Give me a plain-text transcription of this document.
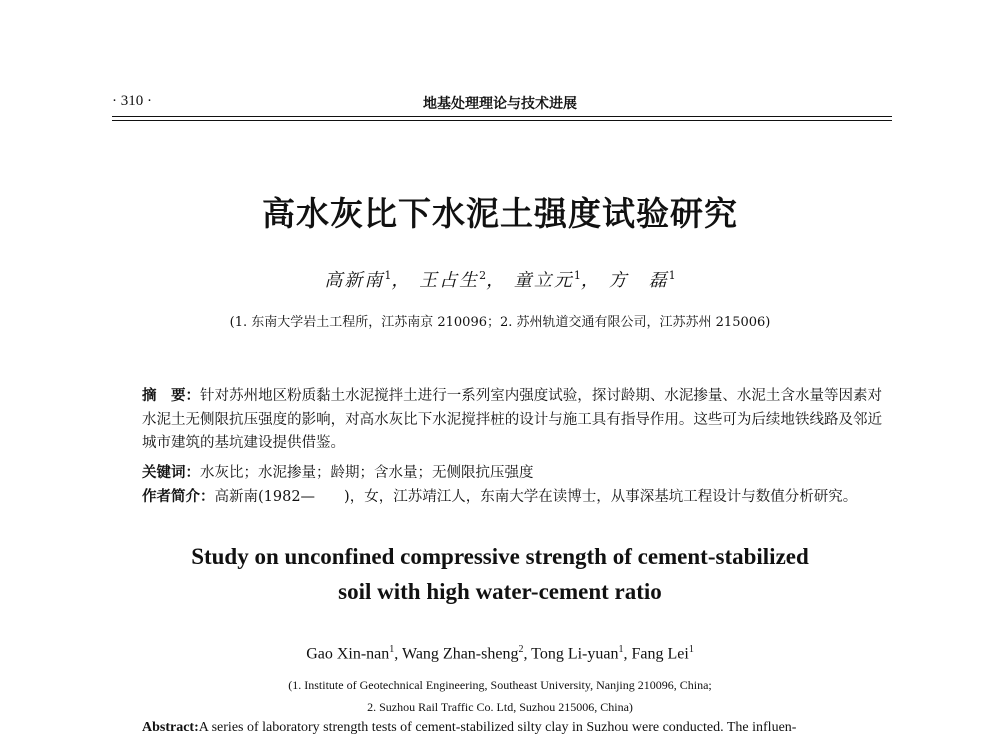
· 310 ·	地基处理理论与技术进展
高水灰比下水泥土强度试验研究
高新南$^1$， 王占生$^2$， 童立元$^1$， 方　磊$^1$
(1. 东南大学岩土工程所，江苏南京 210096；2. 苏州轨道交通有限公司，江苏苏州 215006)
摘　要：针对苏州地区粉质黏土水泥搅拌土进行一系列室内强度试验，探讨龄期、水泥掺量、水泥土含水量等因素对水泥土无侧限抗压强度的影响，对高水灰比下水泥搅拌桩的设计与施工具有指导作用。这些可为后续地铁线路及邻近城市建筑的基坑建设提供借鉴。
关键词：水灰比；水泥掺量；龄期；含水量；无侧限抗压强度
作者简介：高新南(1982—　　)，女，江苏靖江人，东南大学在读博士，从事深基坑工程设计与数值分析研究。
Study on unconfined compressive strength of cement-stabilized
soil with high water-cement ratio
Gao Xin-nan$^1$, Wang Zhan-sheng$^2$, Tong Li-yuan$^1$, Fang Lei$^1$
(1. Institute of Geotechnical Engineering, Southeast University, Nanjing 210096, China;
2. Suzhou Rail Traffic Co. Ltd, Suzhou 215006, China)
Abstract:A series of laboratory strength tests of cement-stabilized silty clay in Suzhou were conducted. The influen-
